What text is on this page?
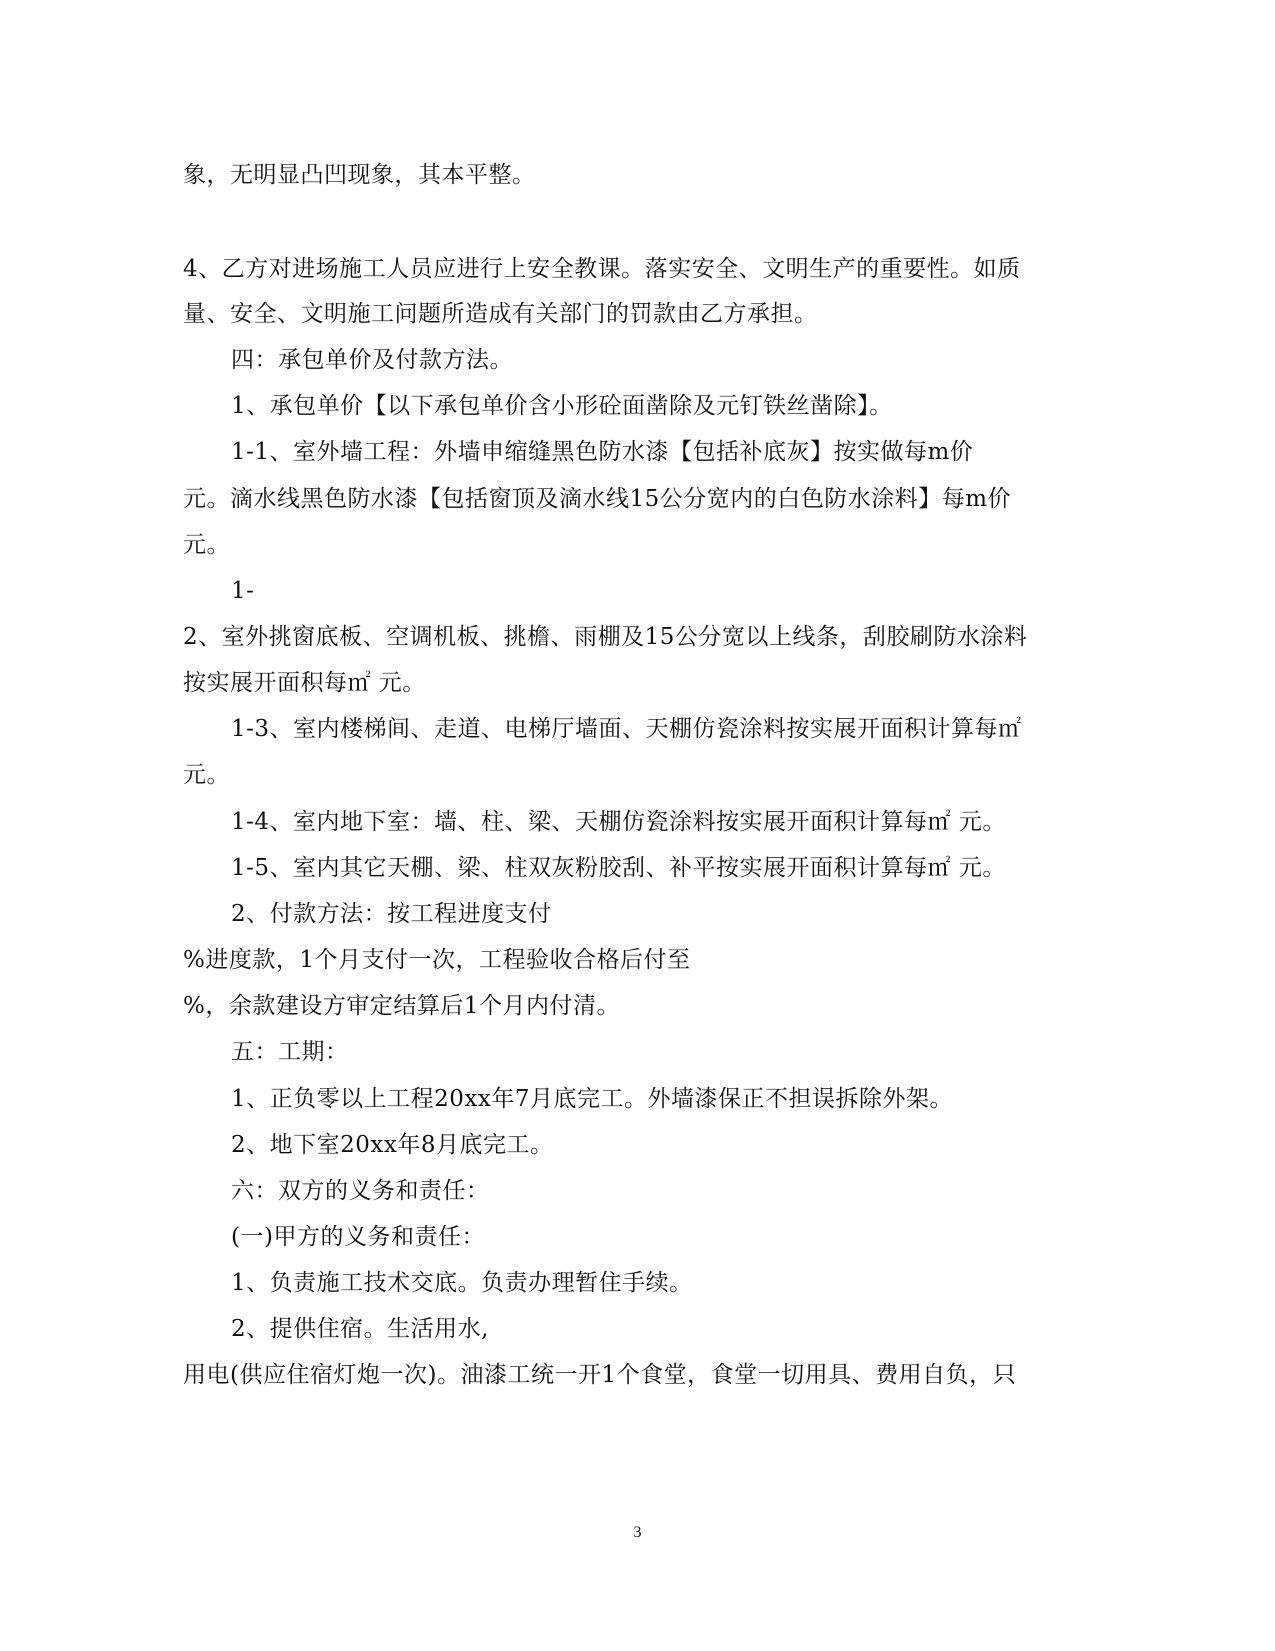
象，无明显凸凹现象，其本平整。
4、乙方对进场施工人员应进行上安全教课。落实安全、文明生产的重要性。如质
量、安全、文明施工问题所造成有关部门的罚款由乙方承担。
四：承包单价及付款方法。
1、承包单价【以下承包单价含小形砼面凿除及元钉铁丝凿除】。
1-1、室外墙工程：外墙申缩缝黑色防水漆【包括补底灰】按实做每m价
元。滴水线黑色防水漆【包括窗顶及滴水线15公分宽内的白色防水涂料】每m价
元。
1-
2、室外挑窗底板、空调机板、挑檐、雨棚及15公分宽以上线条，刮胶刷防水涂料
按实展开面积每㎡ 元。
1-3、室内楼梯间、走道、电梯厅墙面、天棚仿瓷涂料按实展开面积计算每㎡
元。
1-4、室内地下室：墙、柱、梁、天棚仿瓷涂料按实展开面积计算每㎡ 元。
1-5、室内其它天棚、梁、柱双灰粉胶刮、补平按实展开面积计算每㎡ 元。
2、付款方法：按工程进度支付
%进度款，1个月支付一次，工程验收合格后付至
%，余款建设方审定结算后1个月内付清。
五：工期：
1、正负零以上工程20xx年7月底完工。外墙漆保正不担误拆除外架。
2、地下室20xx年8月底完工。
六：双方的义务和责任：
(一)甲方的义务和责任：
1、负责施工技术交底。负责办理暂住手续。
2、提供住宿。生活用水,
用电(供应住宿灯炮一次)。油漆工统一开1个食堂，食堂一切用具、费用自负，只
3
